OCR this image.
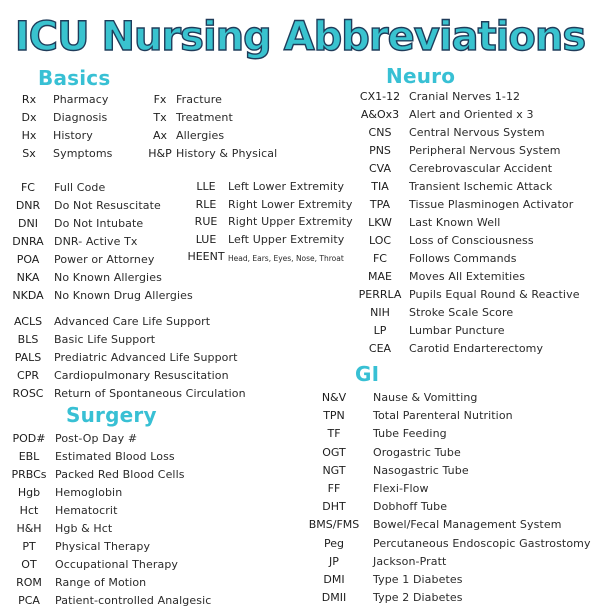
ICU Nursing Abbreviations
Basics	Neuro
Surgery
GI
Rx	Pharmacy	Fx Fracture
Dx	Diagnosis	Tx Treatment
Hx	History	Ax Allergies
Sx	Symptoms	H&P History & Physical
FC	Full Code
DNR	Do Not Resuscitate
DNI	Do Not Intubate
DNRA DNR- Active Tx
POA	Power or Attorney
NKA	No Known Allergies
NKDA No Known Drug Allergies
LLE	Left Lower Extremity
RLE	Right Lower Extremity
RUE Right Upper Extremity
LUE	Left Upper Extremity
HEENT Head, Ears, Eyes, Nose, Throat
ACLS	Advanced Care Life Support
BLS	Basic Life Support
PALS	Prediatric Advanced Life Support
CPR	Cardiopulmonary Resuscitation
ROSC Return of Spontaneous Circulation
POD# Post-Op Day #
EBL	Estimated Blood Loss
PRBCs Packed Red Blood Cells
Hgb	Hemoglobin
Hct	Hematocrit
H&H	Hgb & Hct
PT	Physical Therapy
OT	Occupational Therapy
ROM	Range of Motion
PCA	Patient-controlled Analgesic
CX1-12 Cranial Nerves 1-12
A&Ox3 Alert and Oriented x 3
CNS	Central Nervous System
PNS	Peripheral Nervous System
CVA	Cerebrovascular Accident
TIA	Transient Ischemic Attack
TPA	Tissue Plasminogen Activator
LKW	Last Known Well
LOC	Loss of Consciousness
FC	Follows Commands
MAE	Moves All Extemities
PERRLA Pupils Equal Round & Reactive
NIH	Stroke Scale Score
LP	Lumbar Puncture
CEA	Carotid Endarterectomy
N&V	Nause & Vomitting
TPN	Total Parenteral Nutrition
TF	Tube Feeding
OGT	Orogastric Tube
NGT	Nasogastric Tube
FF	Flexi-Flow
DHT	Dobhoff Tube
BMS/FMS	Bowel/Fecal Management System
Peg	Percutaneous Endoscopic Gastrostomy
JP	Jackson-Pratt
DMI	Type 1 Diabetes
DMII	Type 2 Diabetes
